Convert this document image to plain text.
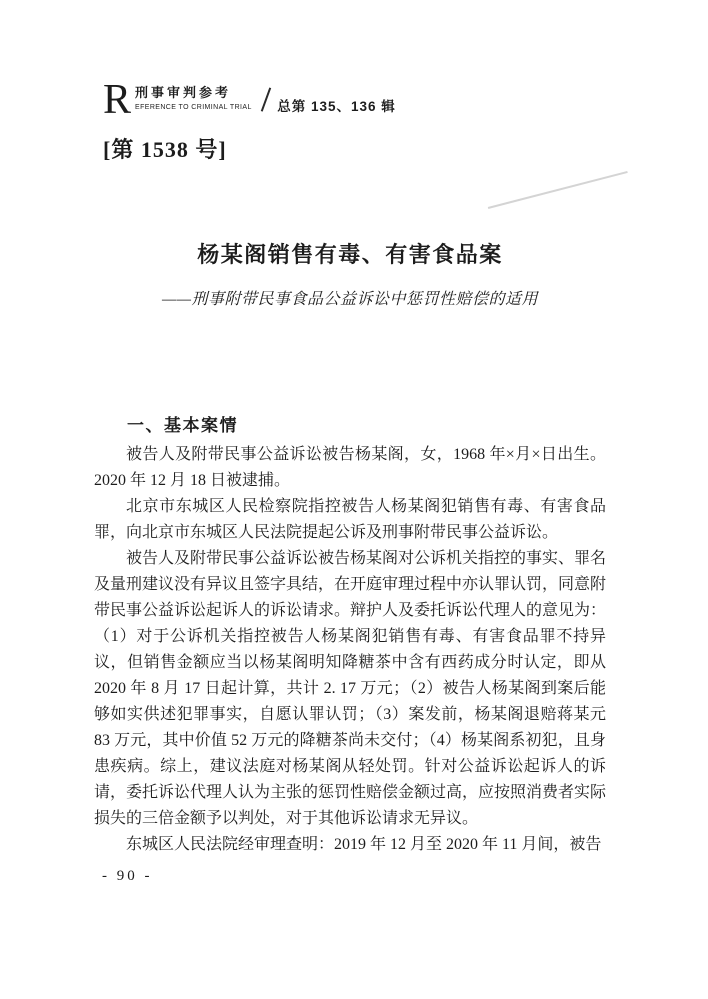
R 刑事审判参考
EFERENCE TO CRIMINAL TRIAL 总第 135、136 辑
[第 1538 号]
杨某阁销售有毒、有害食品案
——刑事附带民事食品公益诉讼中惩罚性赔偿的适用
一、基本案情

被告人及附带民事公益诉讼被告杨某阁，女，1968 年×月×日出生。2020 年 12 月 18 日被逮捕。

北京市东城区人民检察院指控被告人杨某阁犯销售有毒、有害食品罪，向北京市东城区人民法院提起公诉及刑事附带民事公益诉讼。

被告人及附带民事公益诉讼被告杨某阁对公诉机关指控的事实、罪名及量刑建议没有异议且签字具结，在开庭审理过程中亦认罪认罚，同意附带民事公益诉讼起诉人的诉讼请求。辩护人及委托诉讼代理人的意见为：（1）对于公诉机关指控被告人杨某阁犯销售有毒、有害食品罪不持异议，但销售金额应当以杨某阁明知降糖茶中含有西药成分时认定，即从 2020 年 8 月 17 日起计算，共计 2. 17 万元；（2）被告人杨某阁到案后能够如实供述犯罪事实，自愿认罪认罚；（3）案发前，杨某阁退赔蒋某元 83 万元，其中价值 52 万元的降糖茶尚未交付；（4）杨某阁系初犯，且身患疾病。综上，建议法庭对杨某阁从轻处罚。针对公益诉讼起诉人的诉请，委托诉讼代理人认为主张的惩罚性赔偿金额过高，应按照消费者实际损失的三倍金额予以判处，对于其他诉讼请求无异议。

东城区人民法院经审理查明：2019 年 12 月至 2020 年 11 月间，被告

- 90 -
